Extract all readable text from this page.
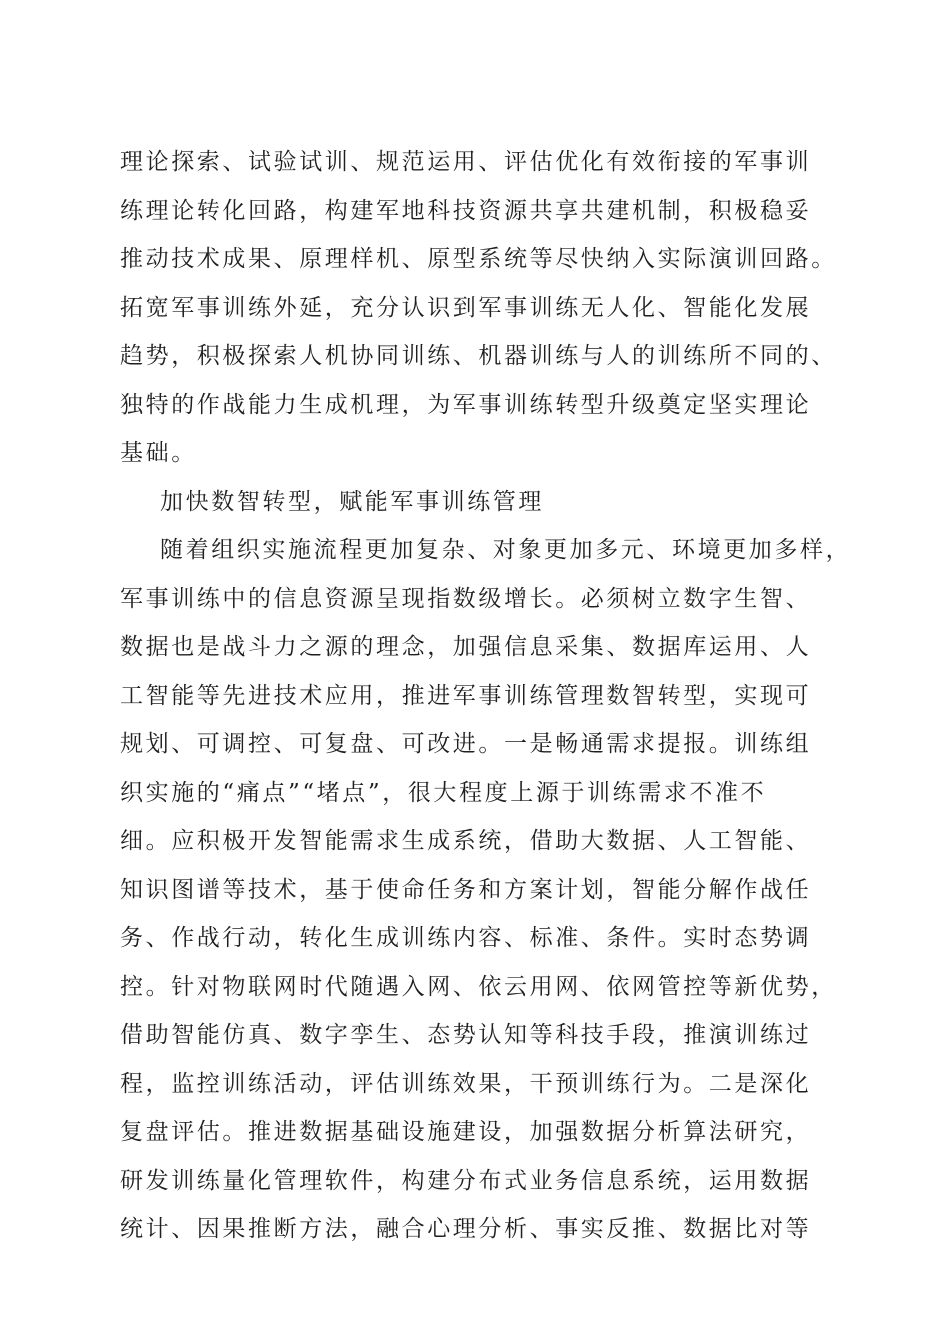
理论探索、试验试训、规范运用、评估优化有效衔接的军事训
练理论转化回路，构建军地科技资源共享共建机制，积极稳妥
推动技术成果、原理样机、原型系统等尽快纳入实际演训回路。
拓宽军事训练外延，充分认识到军事训练无人化、智能化发展
趋势，积极探索人机协同训练、机器训练与人的训练所不同的、
独特的作战能力生成机理，为军事训练转型升级奠定坚实理论
基础。
加快数智转型，赋能军事训练管理
随着组织实施流程更加复杂、对象更加多元、环境更加多样，
军事训练中的信息资源呈现指数级增长。必须树立数字生智、
数据也是战斗力之源的理念，加强信息采集、数据库运用、人
工智能等先进技术应用，推进军事训练管理数智转型，实现可
规划、可调控、可复盘、可改进。一是畅通需求提报。训练组
织实施的“痛点”“堵点”，很大程度上源于训练需求不准不
细。应积极开发智能需求生成系统，借助大数据、人工智能、
知识图谱等技术，基于使命任务和方案计划，智能分解作战任
务、作战行动，转化生成训练内容、标准、条件。实时态势调
控。针对物联网时代随遇入网、依云用网、依网管控等新优势，
借助智能仿真、数字孪生、态势认知等科技手段，推演训练过
程，监控训练活动，评估训练效果，干预训练行为。二是深化
复盘评估。推进数据基础设施建设，加强数据分析算法研究，
研发训练量化管理软件，构建分布式业务信息系统，运用数据
统计、因果推断方法，融合心理分析、事实反推、数据比对等
